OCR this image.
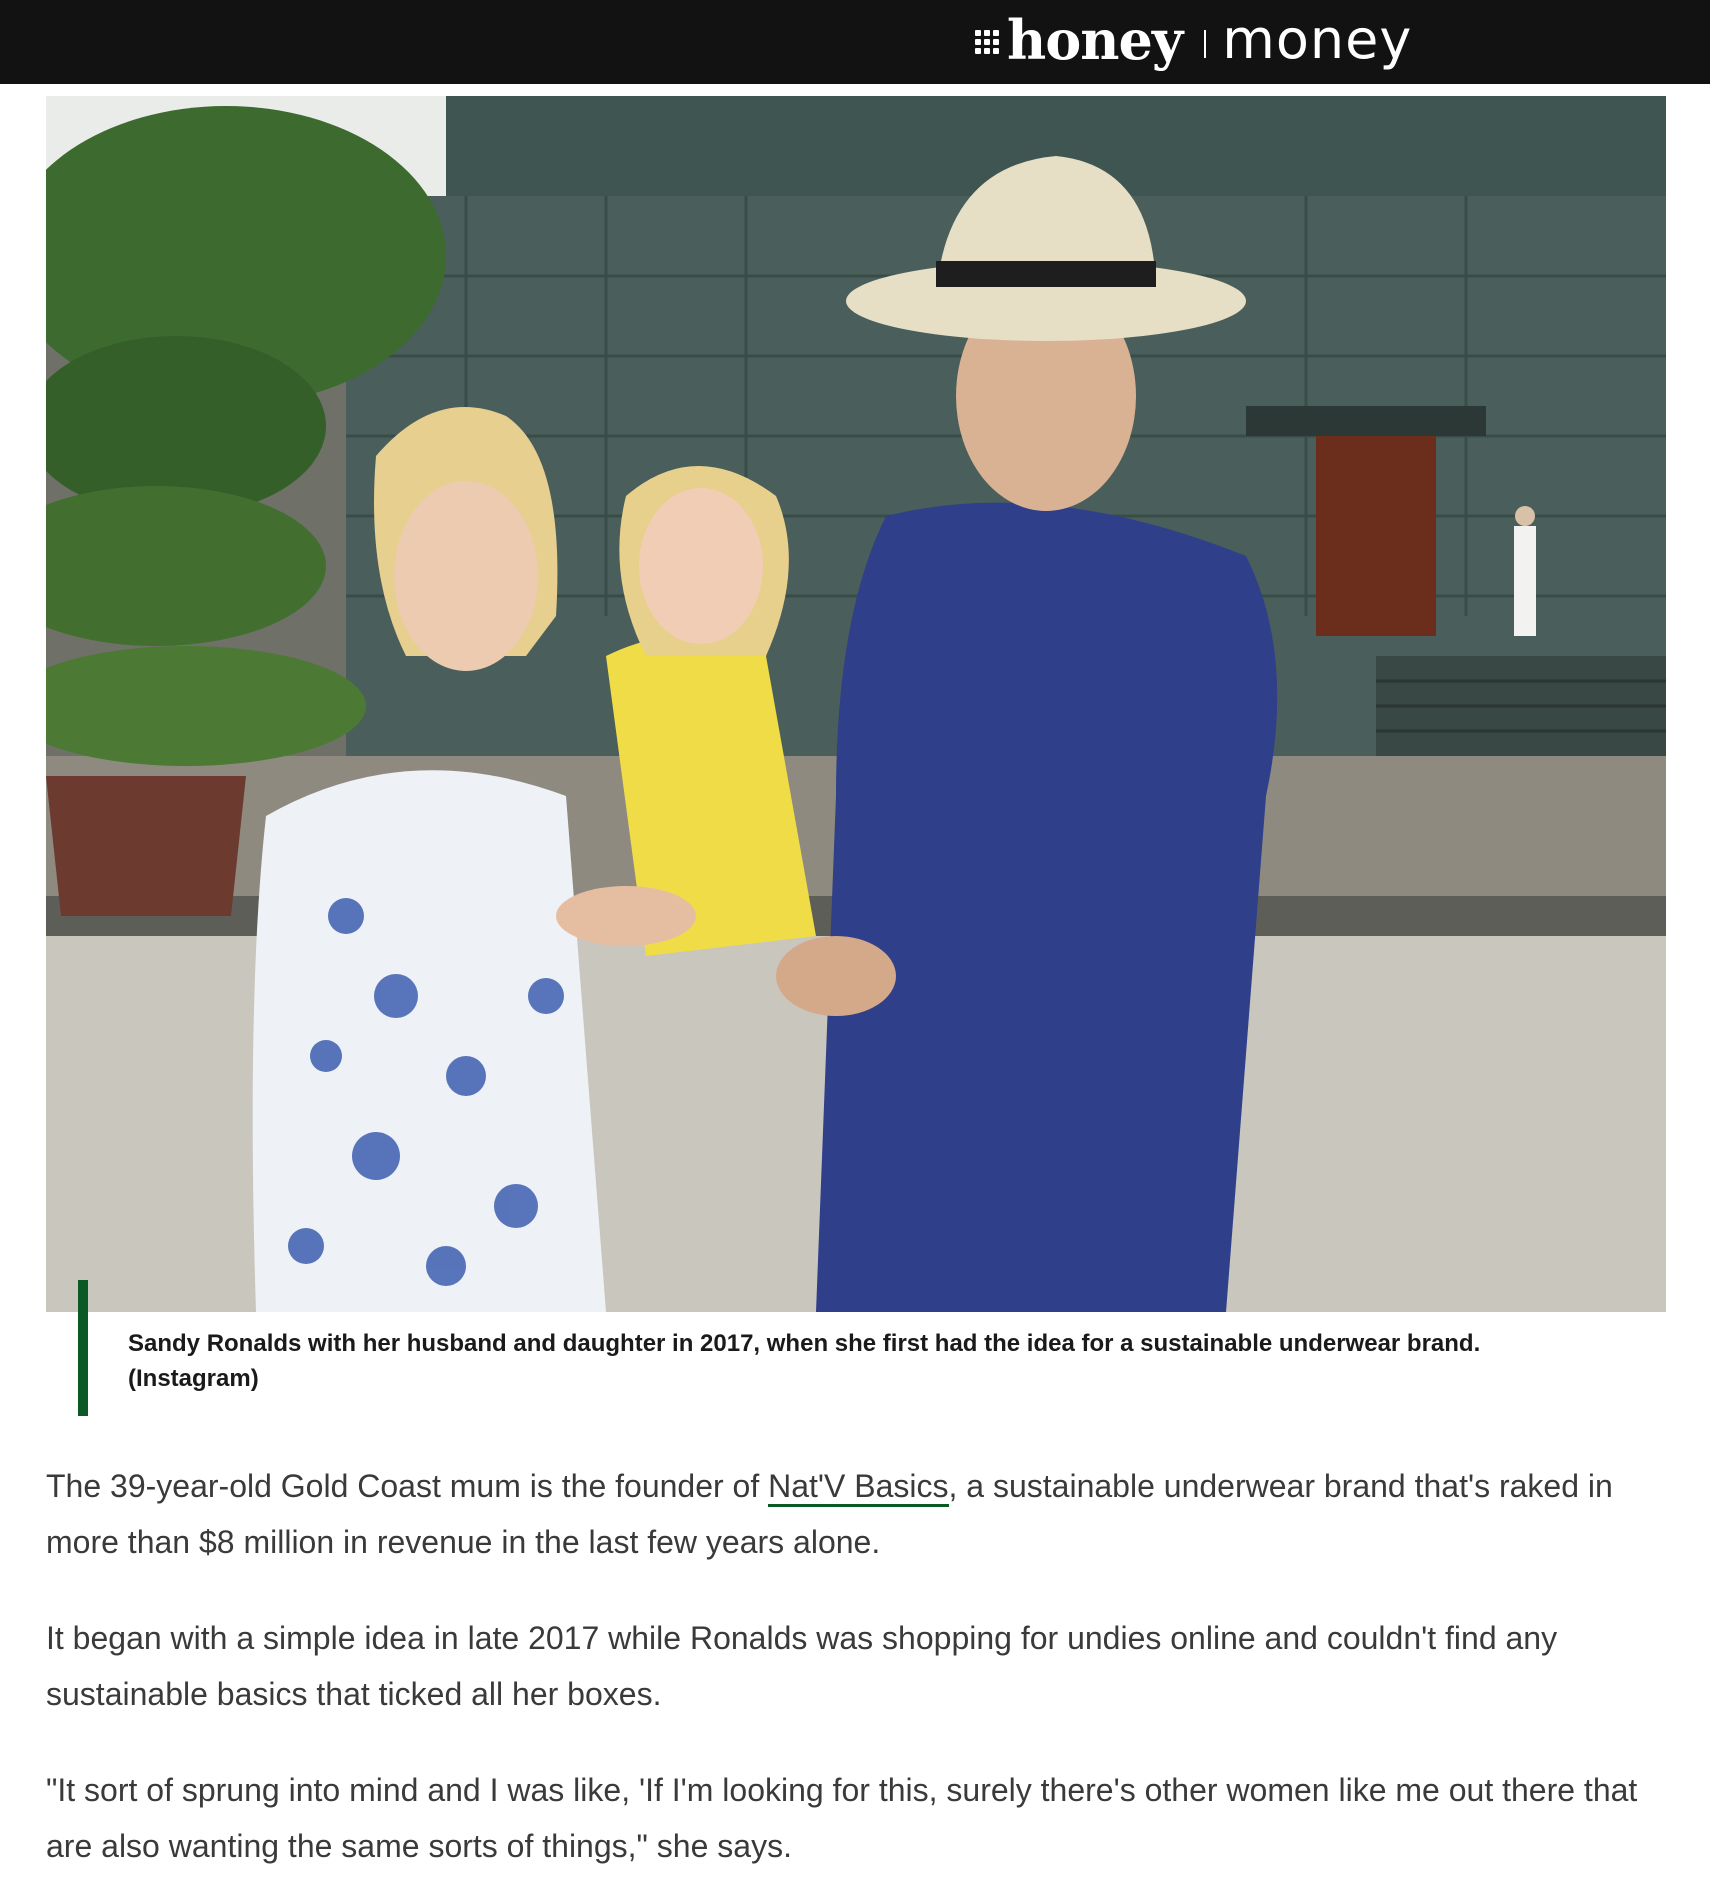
honey money
Sandy Ronalds with her husband and daughter in 2017, when she first had the idea for a sustainable underwear brand.
(Instagram)

The 39-year-old Gold Coast mum is the founder of Nat'V Basics, a sustainable underwear brand that's raked in more than $8 million in revenue in the last few years alone.

It began with a simple idea in late 2017 while Ronalds was shopping for undies online and couldn't find any sustainable basics that ticked all her boxes.

"It sort of sprung into mind and I was like, 'If I'm looking for this, surely there's other women like me out there that are also wanting the same sorts of things," she says.
